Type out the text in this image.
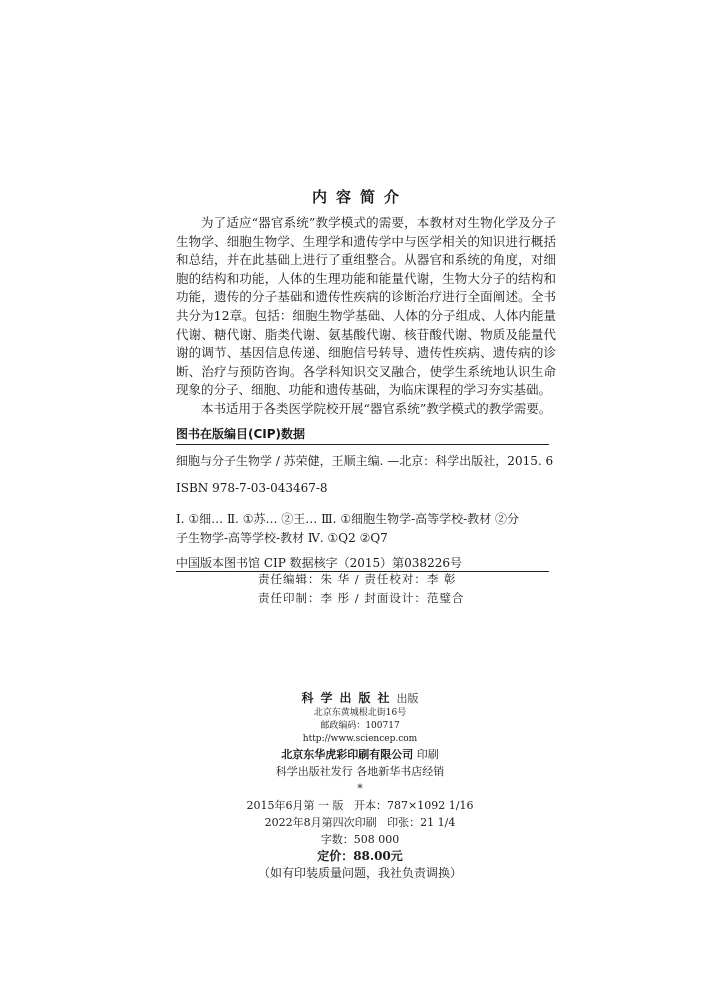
内容简介

为了适应“器官系统”教学模式的需要，本教材对生物化学及分子生物学、细胞生物学、生理学和遗传学中与医学相关的知识进行概括和总结，并在此基础上进行了重组整合。从器官和系统的角度，对细胞的结构和功能，人体的生理功能和能量代谢，生物大分子的结构和功能，遗传的分子基础和遗传性疾病的诊断治疗进行全面阐述。全书共分为12章。包括：细胞生物学基础、人体的分子组成、人体内能量代谢、糖代谢、脂类代谢、氨基酸代谢、核苷酸代谢、物质及能量代谢的调节、基因信息传递、细胞信号转导、遗传性疾病、遗传病的诊断、治疗与预防咨询。各学科知识交叉融合，使学生系统地认识生命现象的分子、细胞、功能和遗传基础，为临床课程的学习夯实基础。

本书适用于各类医学院校开展“器官系统”教学模式的教学需要。

图书在版编目(CIP)数据
细胞与分子生物学 / 苏荣健，王顺主编. —北京：科学出版社，2015. 6
ISBN 978-7-03-043467-8
Ⅰ. ①细… Ⅱ. ①苏… ②王… Ⅲ. ①细胞生物学-高等学校-教材 ②分
子生物学-高等学校-教材 Ⅳ. ①Q2 ②Q7
中国版本图书馆 CIP 数据核字（2015）第038226号
责任编辑：朱 华 / 责任校对：李 彰
责任印制：李 彤 / 封面设计：范璧合
科学出版社出版
北京东黄城根北街16号
邮政编码：100717
http://www.sciencep.com
北京东华虎彩印刷有限公司 印刷
科学出版社发行 各地新华书店经销
*
2015年6月第 一 版 开本：787×1092 1/16
2022年8月第四次印刷 印张：21 1/4
字数：508 000
定价：88.00元
（如有印装质量问题，我社负责调换）
